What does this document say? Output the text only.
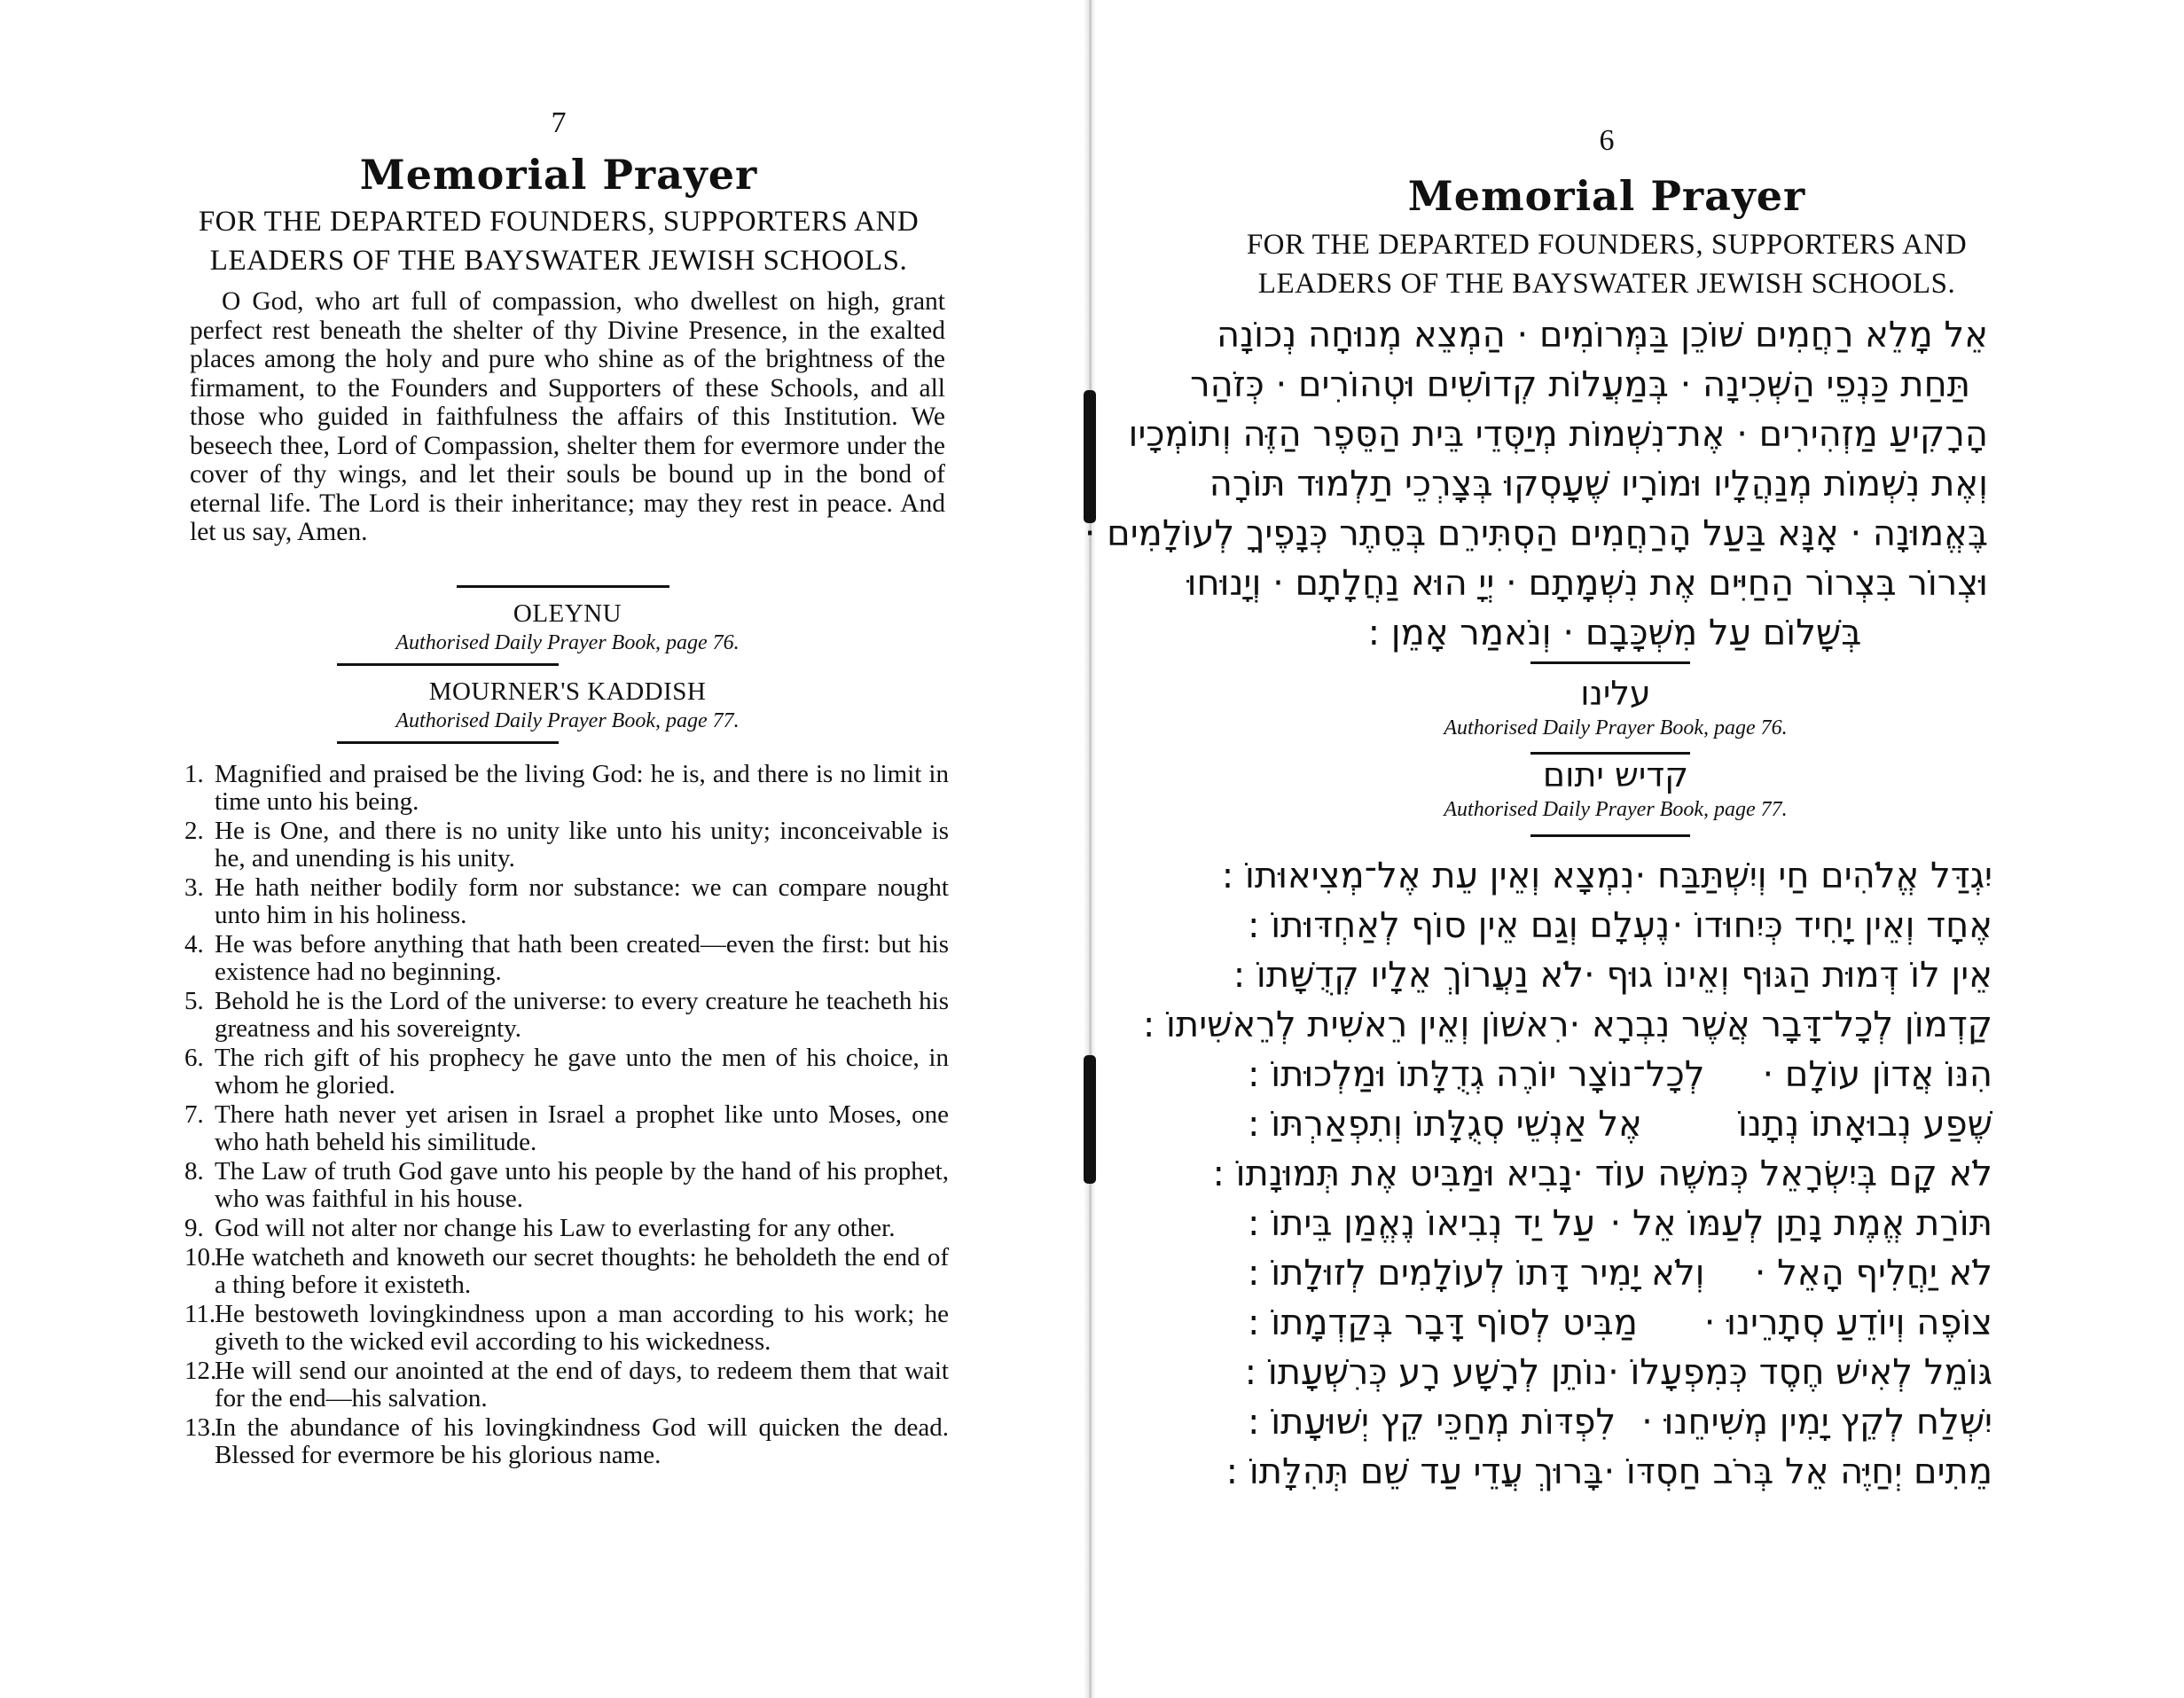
7
Memorial Prayer
FOR THE DEPARTED FOUNDERS, SUPPORTERS AND
LEADERS OF THE BAYSWATER JEWISH SCHOOLS.
O God, who art full of compassion, who dwellest on high, grant perfect rest beneath the shelter of thy Divine Presence, in the exalted places among the holy and pure who shine as of the brightness of the firmament, to the Founders and Supporters of these Schools, and all those who guided in faithfulness the affairs of this Institution. We beseech thee, Lord of Compassion, shelter them for evermore under the cover of thy wings, and let their souls be bound up in the bond of eternal life. The Lord is their inheritance; may they rest in peace. And let us say, Amen.
OLEYNU
Authorised Daily Prayer Book, page 76.
MOURNER'S KADDISH
Authorised Daily Prayer Book, page 77.
1. Magnified and praised be the living God: he is, and there is no limit in time unto his being.
2. He is One, and there is no unity like unto his unity; inconceivable is he, and unending is his unity.
3. He hath neither bodily form nor substance: we can compare nought unto him in his holiness.
4. He was before anything that hath been created—even the first: but his existence had no beginning.
5. Behold he is the Lord of the universe: to every creature he teacheth his greatness and his sovereignty.
6. The rich gift of his prophecy he gave unto the men of his choice, in whom he gloried.
7. There hath never yet arisen in Israel a prophet like unto Moses, one who hath beheld his similitude.
8. The Law of truth God gave unto his people by the hand of his prophet, who was faithful in his house.
9. God will not alter nor change his Law to everlasting for any other.
10.
He watcheth and knoweth our secret thoughts: he beholdeth the end of a thing before it existeth.
11.
He bestoweth lovingkindness upon a man according to his work; he giveth to the wicked evil according to his wickedness.
12.
He will send our anointed at the end of days, to redeem them that wait for the end—his salvation.
13.
In the abundance of his lovingkindness God will quicken the dead. Blessed for evermore be his glorious name.
6
Memorial Prayer
FOR THE DEPARTED FOUNDERS, SUPPORTERS AND
LEADERS OF THE BAYSWATER JEWISH SCHOOLS.
אֵל מָלֵא רַחֲמִים שׁוֹכֵן בַּמְּרוֹמִים · הַמְצֵא מְנוּחָה נְכוֹנָה
תַּחַת כַּנְפֵי הַשְּׁכִינָה · בְּמַעֲלוֹת קְדוֹשִׁים וּטְהוֹרִים · כְּזֹהַר
הָרָקִיעַ מַזְהִירִים · אֶת־נִשְׁמוֹת מְיַסְּדֵי בֵּית הַסֵּפֶר הַזֶּה וְתוֹמְכָיו
וְאֶת נִשְׁמוֹת מְנַהֲלָיו וּמוֹרָיו שֶׁעָסְקוּ בְּצָרְכֵי תַלְמוּד תּוֹרָה
בֶּאֱמוּנָה · אָנָּא בַּעַל הָרַחֲמִים הַסְתִּירֵם בְּסֵתֶר כְּנָפֶיךָ לְעוֹלָמִים ·
וּצְרוֹר בִּצְרוֹר הַחַיִּים אֶת נִשְׁמָתָם · יְיָ הוּא נַחֲלָתָם · וְיָנוּחוּ
בְּשָׁלוֹם עַל מִשְׁכָּבָם · וְנֹאמַר אָמֵן :
עלינו
Authorised Daily Prayer Book, page 76.
קדיש יתום
Authorised Daily Prayer Book, page 77.
יִגְדַּל אֱלֹהִים חַי וְיִשְׁתַּבַּח ·
נִמְצָא וְאֵין עֵת אֶל־מְצִיאוּתוֹ :
אֶחָד וְאֵין יָחִיד כְּיִחוּדוֹ ·
נֶעְלָם וְגַם אֵין סוֹף לְאַחְדּוּתוֹ :
אֵין לוֹ דְּמוּת הַגּוּף וְאֵינוֹ גוּף ·
לֹא נַעֲרוֹךְ אֵלָיו קְדֻשָּׁתוֹ :
קַדְמוֹן לְכָל־דָּבָר אֲשֶׁר נִבְרָא ·
רִאשׁוֹן וְאֵין רֵאשִׁית לְרֵאשִׁיתוֹ :
הִנּוֹ אֲדוֹן עוֹלָם ·
לְכָל־נוֹצָר יוֹרֶה גְדֻלָּתוֹ וּמַלְכוּתוֹ :
שֶׁפַע נְבוּאָתוֹ נְתָנוֹ
אֶל אַנְשֵׁי סְגֻלָּתוֹ וְתִפְאַרְתּוֹ :
לֹא קָם בְּיִשְׂרָאֵל כְּמשֶׁה עוֹד ·
נָבִיא וּמַבִּיט אֶת תְּמוּנָתוֹ :
תּוֹרַת אֱמֶת נָתַן לְעַמּוֹ אֵל ·
עַל יַד נְבִיאוֹ נֶאֱמַן בֵּיתוֹ :
לֹא יַחֲלִיף הָאֵל ·
וְלֹא יָמִיר דָּתוֹ לְעוֹלָמִים לְזוּלָתוֹ :
צוֹפֶה וְיוֹדֵעַ סְתָרֵינוּ ·
מַבִּיט לְסוֹף דָּבָר בְּקַדְמָתוֹ :
גּוֹמֵל לְאִישׁ חֶסֶד כְּמִפְעָלוֹ ·
נוֹתֵן לְרָשָׁע רָע כְּרִשְׁעָתוֹ :
יִשְׁלַח לְקֵץ יָמִין מְשִׁיחֵנוּ ·
לִפְדּוֹת מְחַכֵּי קֵץ יְשׁוּעָתוֹ :
מֵתִים יְחַיֶּה אֵל בְּרֹב חַסְדּוֹ ·
בָּרוּךְ עֲדֵי עַד שֵׁם תְּהִלָּתוֹ :
